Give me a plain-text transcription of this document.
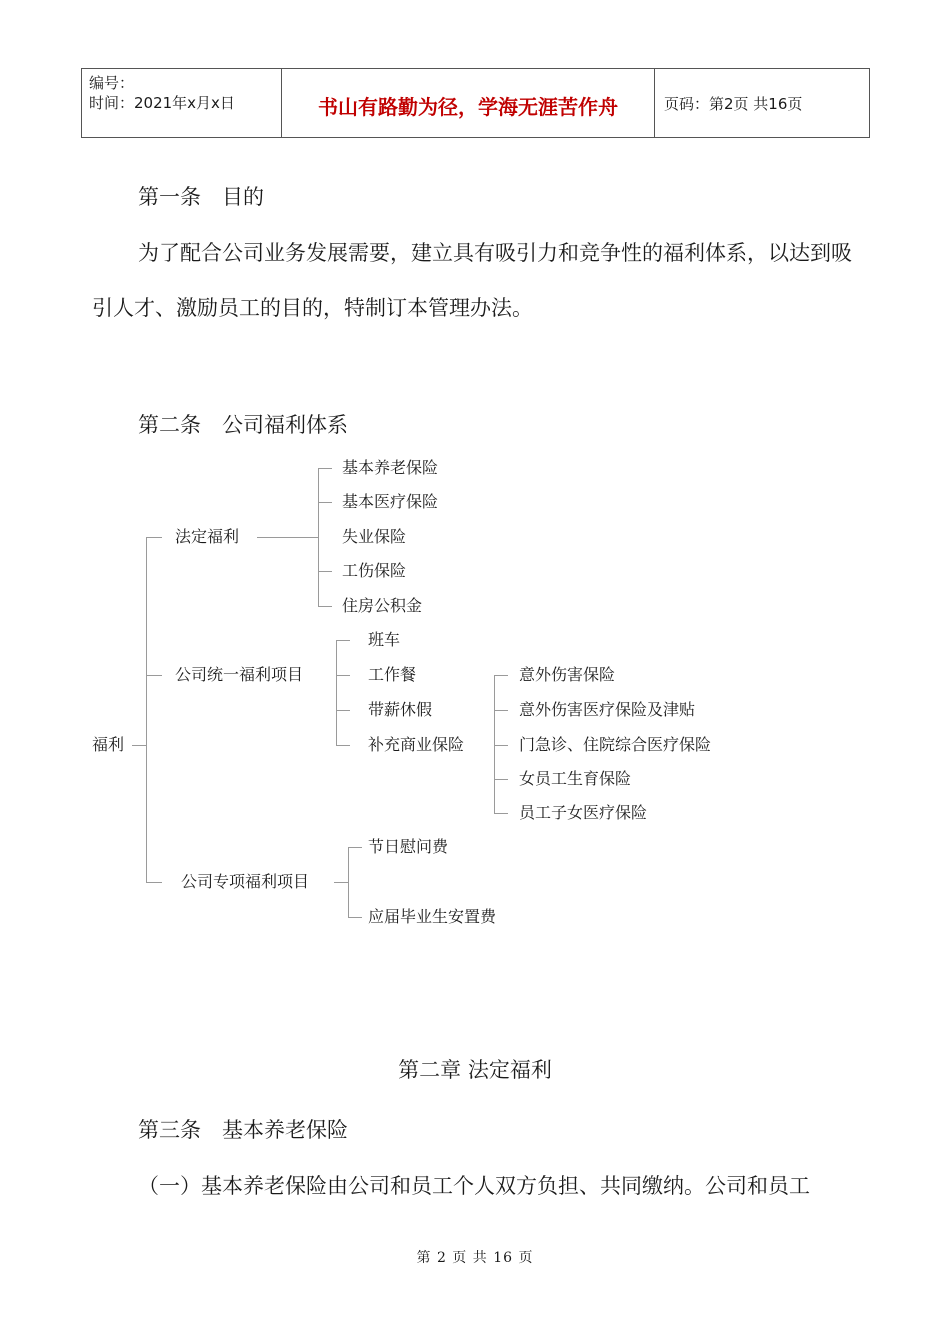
编号：
时间：2021年x月x日	书山有路勤为径，学海无涯苦作舟	页码：第2页 共16页
第一条　目的
为了配合公司业务发展需要，建立具有吸引力和竞争性的福利体系，以达到吸引人才、激励员工的目的，特制订本管理办法。
第二条　公司福利体系
福利
法定福利
基本养老保险
基本医疗保险
失业保险
工伤保险
住房公积金
公司统一福利项目
班车
工作餐
带薪休假
补充商业保险
意外伤害保险
意外伤害医疗保险及津贴
门急诊、住院综合医疗保险
女员工生育保险
员工子女医疗保险
公司专项福利项目
节日慰问费
应届毕业生安置费
第二章 法定福利
第三条　基本养老保险
（一）基本养老保险由公司和员工个人双方负担、共同缴纳。公司和员工
第 2 页 共 16 页
